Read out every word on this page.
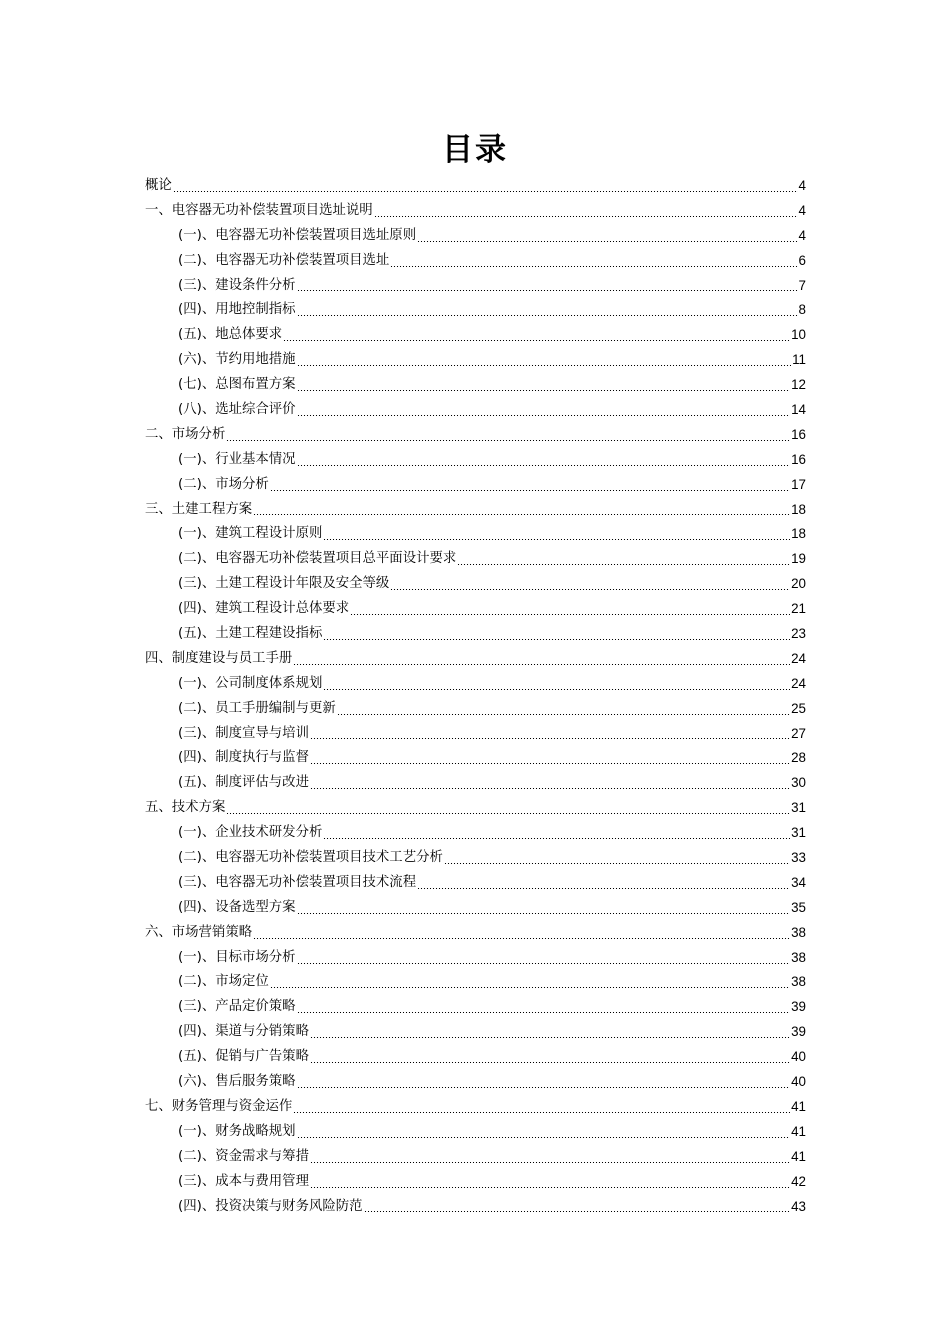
目录
概论	4
一、电容器无功补偿装置项目选址说明	4
(一)、电容器无功补偿装置项目选址原则	4
(二)、电容器无功补偿装置项目选址	6
(三)、建设条件分析	7
(四)、用地控制指标	8
(五)、地总体要求	10
(六)、节约用地措施	11
(七)、总图布置方案	12
(八)、选址综合评价	14
二、市场分析	16
(一)、行业基本情况	16
(二)、市场分析	17
三、土建工程方案	18
(一)、建筑工程设计原则	18
(二)、电容器无功补偿装置项目总平面设计要求	19
(三)、土建工程设计年限及安全等级	20
(四)、建筑工程设计总体要求	21
(五)、土建工程建设指标	23
四、制度建设与员工手册	24
(一)、公司制度体系规划	24
(二)、员工手册编制与更新	25
(三)、制度宣导与培训	27
(四)、制度执行与监督	28
(五)、制度评估与改进	30
五、技术方案	31
(一)、企业技术研发分析	31
(二)、电容器无功补偿装置项目技术工艺分析	33
(三)、电容器无功补偿装置项目技术流程	34
(四)、设备选型方案	35
六、市场营销策略	38
(一)、目标市场分析	38
(二)、市场定位	38
(三)、产品定价策略	39
(四)、渠道与分销策略	39
(五)、促销与广告策略	40
(六)、售后服务策略	40
七、财务管理与资金运作	41
(一)、财务战略规划	41
(二)、资金需求与筹措	41
(三)、成本与费用管理	42
(四)、投资决策与财务风险防范	43
